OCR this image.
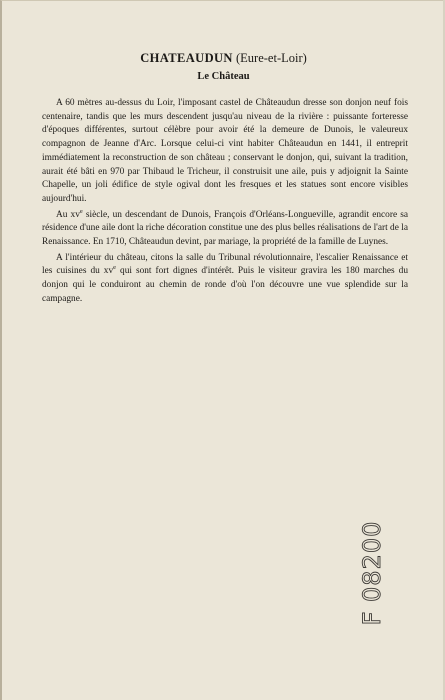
CHATEAUDUN (Eure-et-Loir)
Le Château

A 60 mètres au-dessus du Loir, l'imposant castel de Châteaudun dresse son donjon neuf fois centenaire, tandis que les murs descendent jusqu'au niveau de la rivière : puissante forteresse d'époques différentes, surtout célèbre pour avoir été la demeure de Dunois, le valeureux compagnon de Jeanne d'Arc. Lorsque celui-ci vint habiter Châteaudun en 1441, il entreprit immédiatement la reconstruction de son château ; conservant le donjon, qui, suivant la tradition, aurait été bâti en 970 par Thibaud le Tricheur, il construisit une aile, puis y adjoignit la Sainte Chapelle, un joli édifice de style ogival dont les fresques et les statues sont encore visibles aujourd'hui.

Au $xv^e$ siècle, un descendant de Dunois, François d'Orléans-Longueville, agrandit encore sa résidence d'une aile dont la riche décoration constitue une des plus belles réalisations de l'art de la Renaissance. En 1710, Châteaudun devint, par mariage, la propriété de la famille de Luynes.

A l'intérieur du château, citons la salle du Tribunal révolutionnaire, l'escalier Renaissance et les cuisines du $xv^e$ qui sont fort dignes d'intérêt. Puis le visiteur gravira les 180 marches du donjon qui le conduiront au chemin de ronde d'où l'on découvre une vue splendide sur la campagne.

F 08200
